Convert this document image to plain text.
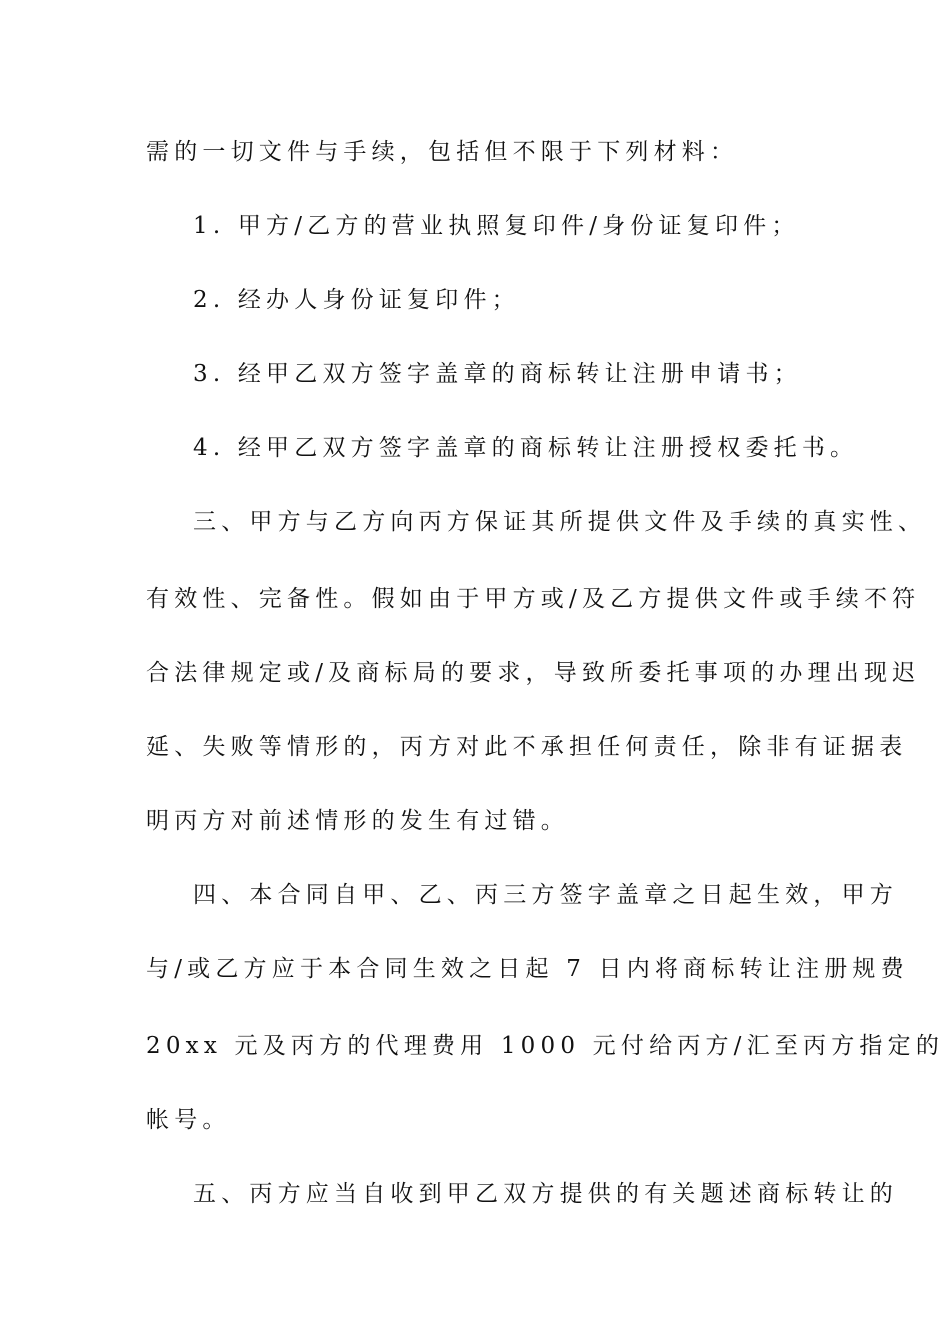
需的一切文件与手续，包括但不限于下列材料：
1. 甲方/乙方的营业执照复印件/身份证复印件；
2. 经办人身份证复印件；
3. 经甲乙双方签字盖章的商标转让注册申请书；
4. 经甲乙双方签字盖章的商标转让注册授权委托书。
三、甲方与乙方向丙方保证其所提供文件及手续的真实性、
有效性、完备性。假如由于甲方或/及乙方提供文件或手续不符
合法律规定或/及商标局的要求，导致所委托事项的办理出现迟
延、失败等情形的，丙方对此不承担任何责任，除非有证据表
明丙方对前述情形的发生有过错。
四、本合同自甲、乙、丙三方签字盖章之日起生效，甲方
与/或乙方应于本合同生效之日起 7 日内将商标转让注册规费
20xx 元及丙方的代理费用 1000 元付给丙方/汇至丙方指定的
帐号。
五、丙方应当自收到甲乙双方提供的有关题述商标转让的
